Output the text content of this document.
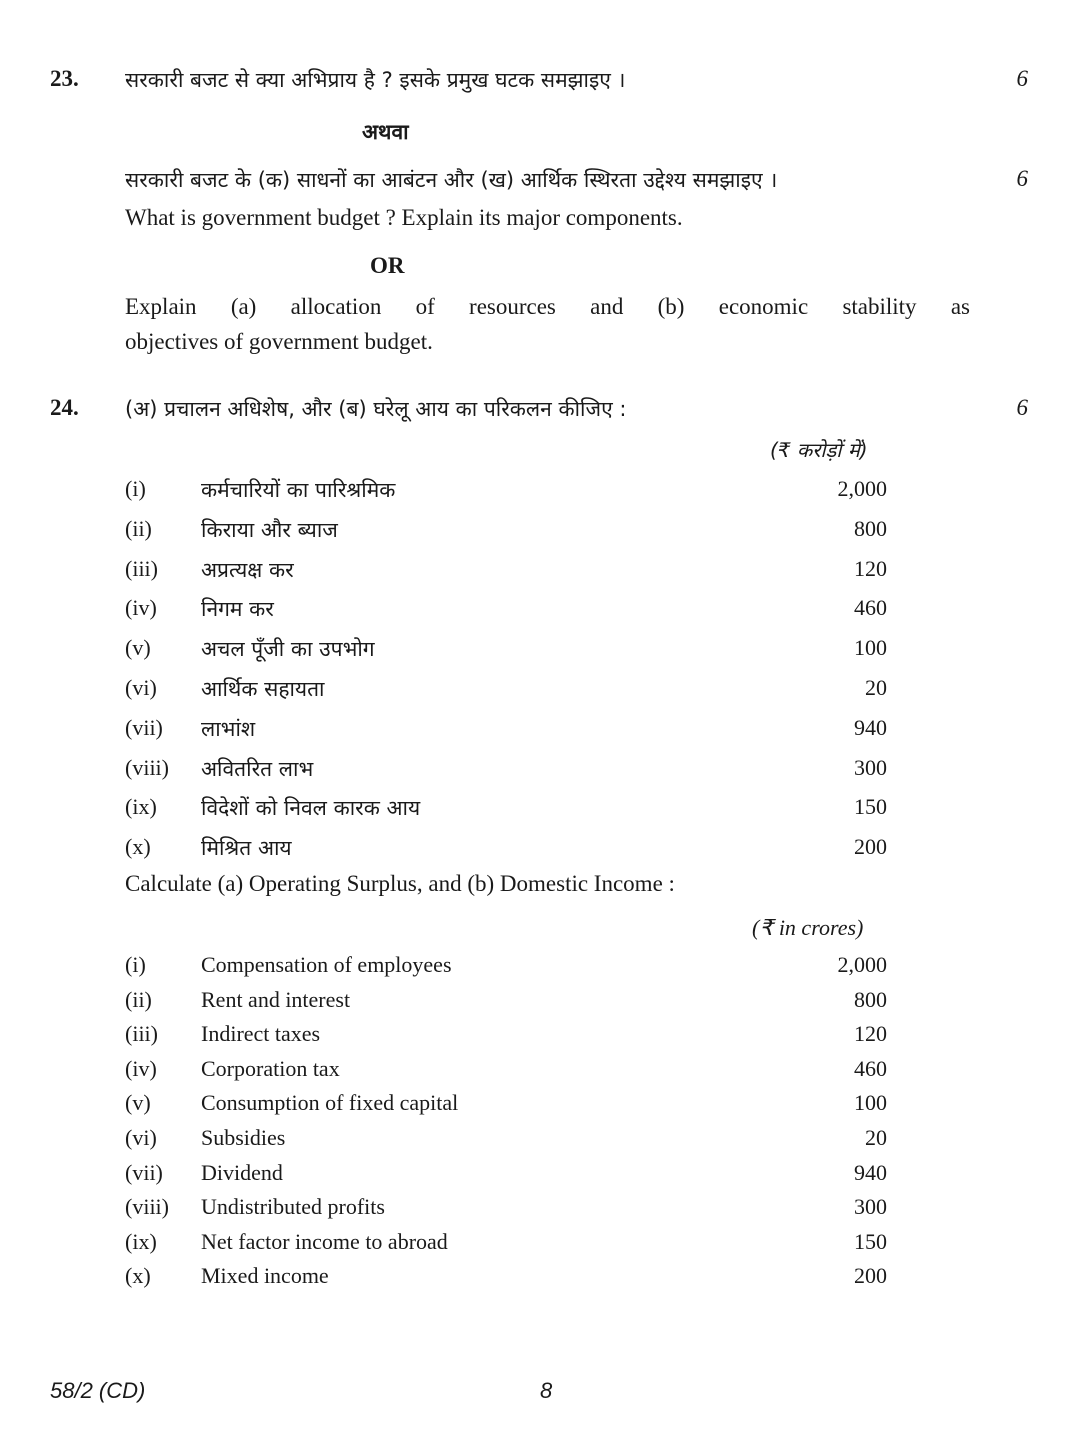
23. सरकारी बजट से क्या अभिप्राय है ? इसके प्रमुख घटक समझाइए ।	6
अथवा
सरकारी बजट के (क) साधनों का आबंटन और (ख) आर्थिक स्थिरता उद्देश्य समझाइए ।	6
What is government budget ? Explain its major components.
OR
Explain (a) allocation of resources and (b) economic stability as
objectives of government budget.
24. (अ) प्रचालन अधिशेष, और (ब) घरेलू आय का परिकलन कीजिए :	6
(₹ करोड़ों में)
(i)	कर्मचारियों का पारिश्रमिक	2,000
(ii) किराया और ब्याज	800
(iii) अप्रत्यक्ष कर	120
(iv) निगम कर	460
(v) अचल पूँजी का उपभोग	100
(vi) आर्थिक सहायता	20
(vii) लाभांश	940
(viii) अवितरित लाभ	300
(ix) विदेशों को निवल कारक आय	150
(x) मिश्रित आय	200
Calculate (a) Operating Surplus, and (b) Domestic Income :
(₹ in crores)
(i)	Compensation of employees	2,000
(ii) Rent and interest	800
(iii) Indirect taxes	120
(iv) Corporation tax	460
(v) Consumption of fixed capital	100
(vi) Subsidies	20
(vii) Dividend	940
(viii) Undistributed profits	300
(ix) Net factor income to abroad	150
(x) Mixed income	200
58/2 (CD)	8
